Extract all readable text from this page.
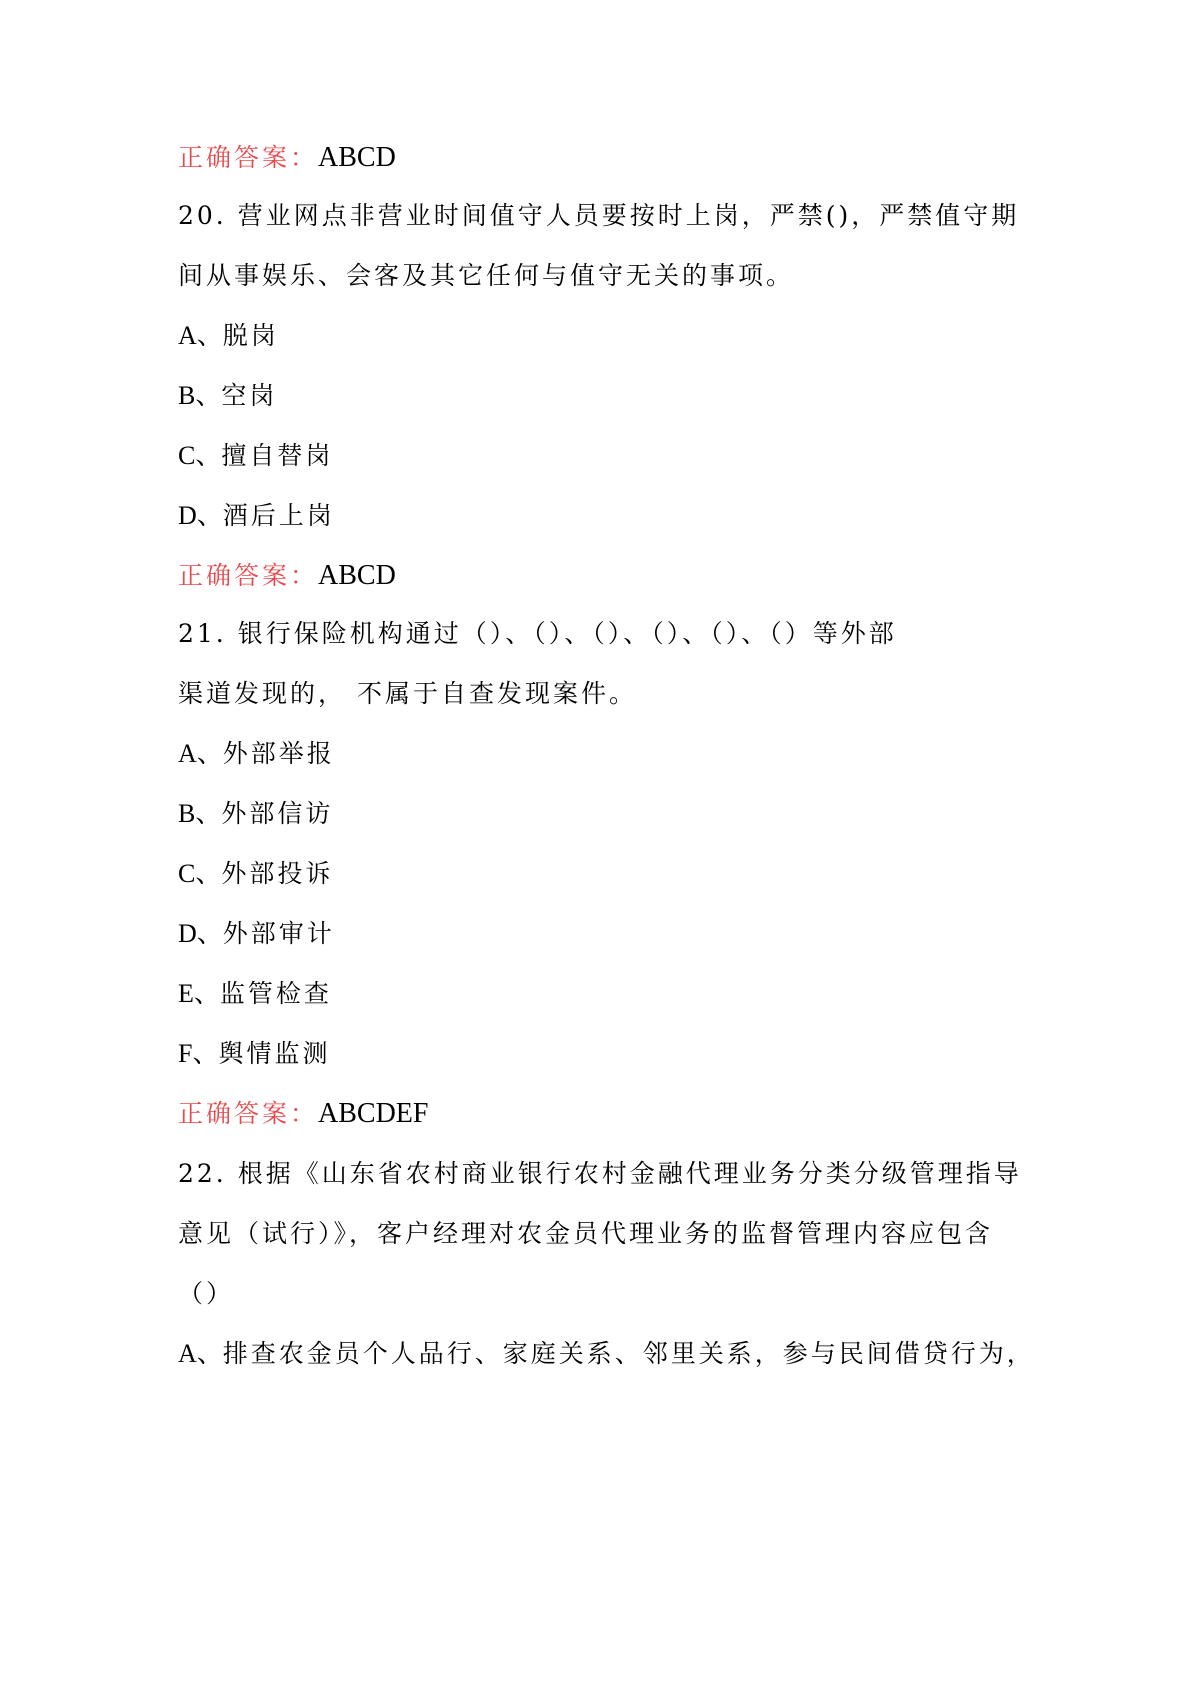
正确答案：ABCD
20. 营业网点非营业时间值守人员要按时上岗，严禁()，严禁值守期
间从事娱乐、会客及其它任何与值守无关的事项。
A、脱岗
B、空岗
C、擅自替岗
D、酒后上岗
正确答案：ABCD
21. 银行保险机构通过（）、（）、（）、（）、（）、（）等外部
渠道发现的， 不属于自查发现案件。
A、外部举报
B、外部信访
C、外部投诉
D、外部审计
E、监管检查
F、舆情监测
正确答案：ABCDEF
22. 根据《山东省农村商业银行农村金融代理业务分类分级管理指导
意见（试行）》，客户经理对农金员代理业务的监督管理内容应包含
（）
A、排查农金员个人品行、家庭关系、邻里关系，参与民间借贷行为，
